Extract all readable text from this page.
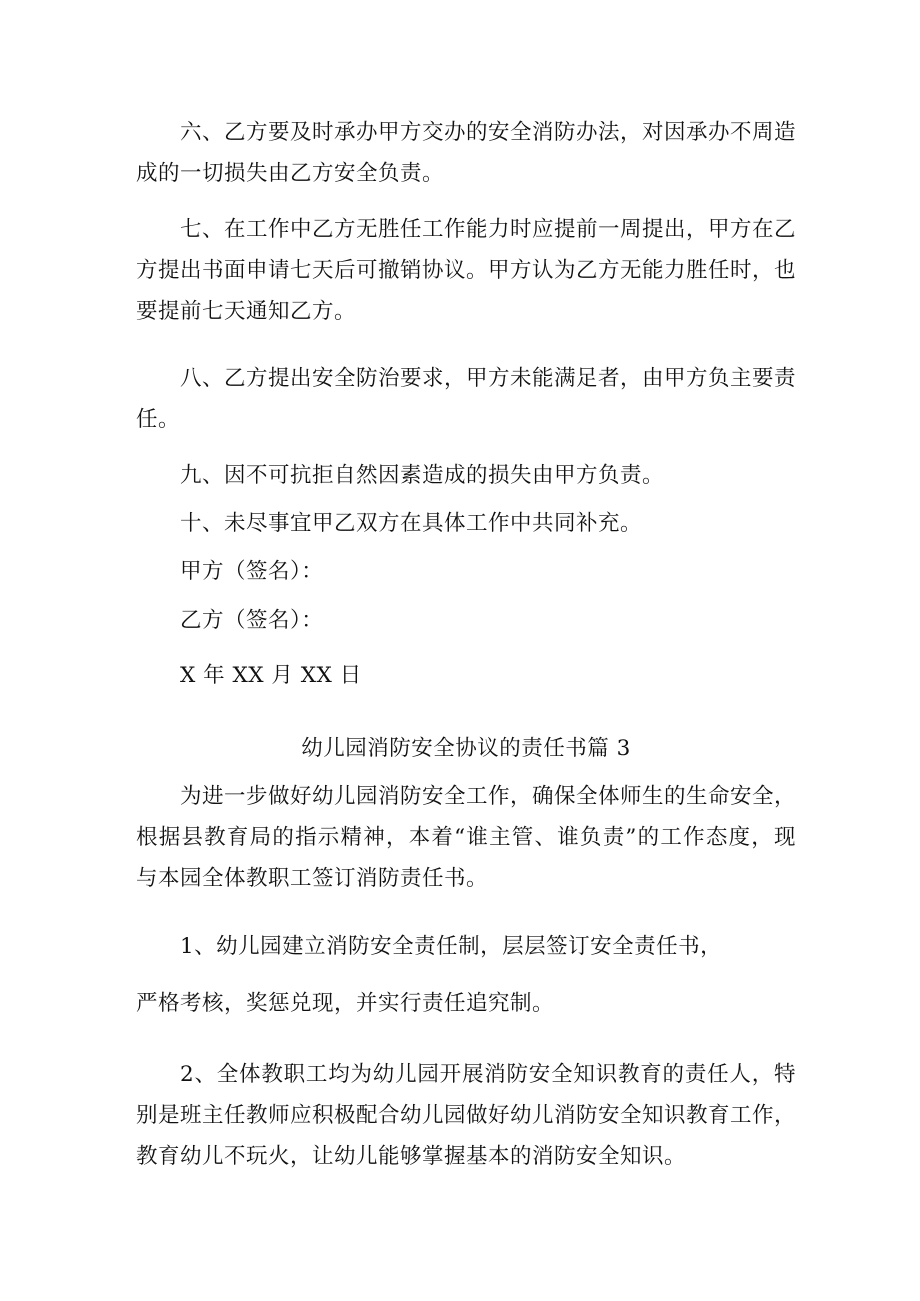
六、乙方要及时承办甲方交办的安全消防办法，对因承办不周造成的一切损失由乙方安全负责。

七、在工作中乙方无胜任工作能力时应提前一周提出，甲方在乙方提出书面申请七天后可撤销协议。甲方认为乙方无能力胜任时，也要提前七天通知乙方。

八、乙方提出安全防治要求，甲方未能满足者，由甲方负主要责任。

九、因不可抗拒自然因素造成的损失由甲方负责。

十、未尽事宜甲乙双方在具体工作中共同补充。

甲方（签名）：

乙方（签名）：

X 年 XX 月 XX 日

幼儿园消防安全协议的责任书篇 3

为进一步做好幼儿园消防安全工作，确保全体师生的生命安全，根据县教育局的指示精神，本着“谁主管、谁负责”的工作态度，现与本园全体教职工签订消防责任书。

1、幼儿园建立消防安全责任制，层层签订安全责任书，

严格考核，奖惩兑现，并实行责任追究制。

2、全体教职工均为幼儿园开展消防安全知识教育的责任人，特别是班主任教师应积极配合幼儿园做好幼儿消防安全知识教育工作，教育幼儿不玩火，让幼儿能够掌握基本的消防安全知识。
